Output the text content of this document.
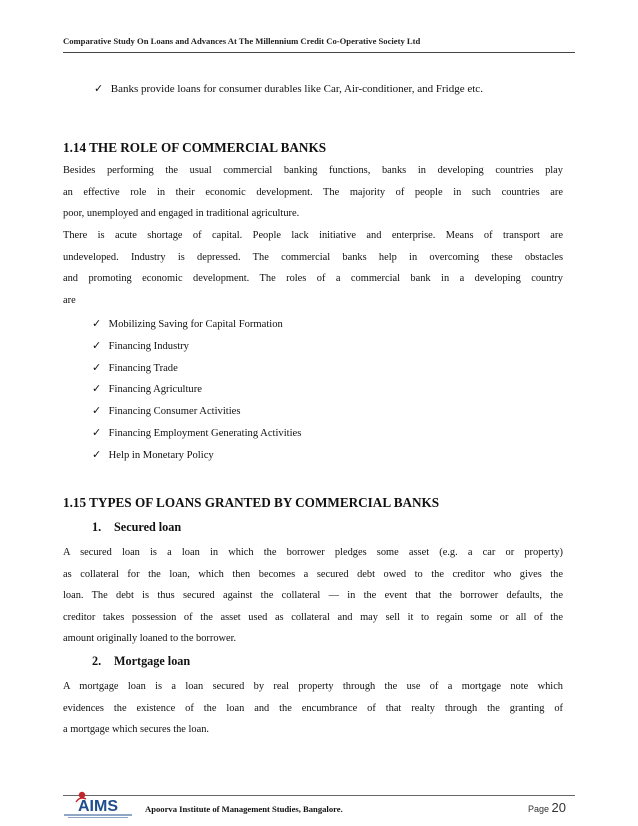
Comparative Study On Loans and Advances At The Millennium Credit Co-Operative Society Ltd
✓ Banks provide loans for consumer durables like Car, Air-conditioner, and Fridge etc.
1.14 THE ROLE OF COMMERCIAL BANKS
Besides performing the usual commercial banking functions, banks in developing countries play
an effective role in their economic development. The majority of people in such countries are
poor, unemployed and engaged in traditional agriculture.
There is acute shortage of capital. People lack initiative and enterprise. Means of transport are
undeveloped. Industry is depressed. The commercial banks help in overcoming these obstacles
and promoting economic development. The roles of a commercial bank in a developing country
are
✓ Mobilizing Saving for Capital Formation
✓ Financing Industry
✓ Financing Trade
✓ Financing Agriculture
✓ Financing Consumer Activities
✓ Financing Employment Generating Activities
✓ Help in Monetary Policy
1.15 TYPES OF LOANS GRANTED BY COMMERCIAL BANKS
1. Secured loan
A secured loan is a loan in which the borrower pledges some asset (e.g. a car or property)
as collateral for the loan, which then becomes a secured debt owed to the creditor who gives the
loan. The debt is thus secured against the collateral — in the event that the borrower defaults, the
creditor takes possession of the asset used as collateral and may sell it to regain some or all of the
amount originally loaned to the borrower.
2. Mortgage loan
A mortgage loan is a loan secured by real property through the use of a mortgage note which
evidences the existence of the loan and the encumbrance of that realty through the granting of
a mortgage which secures the loan.
AIMS	Apoorva Institute of Management Studies, Bangalore.	Page 20
